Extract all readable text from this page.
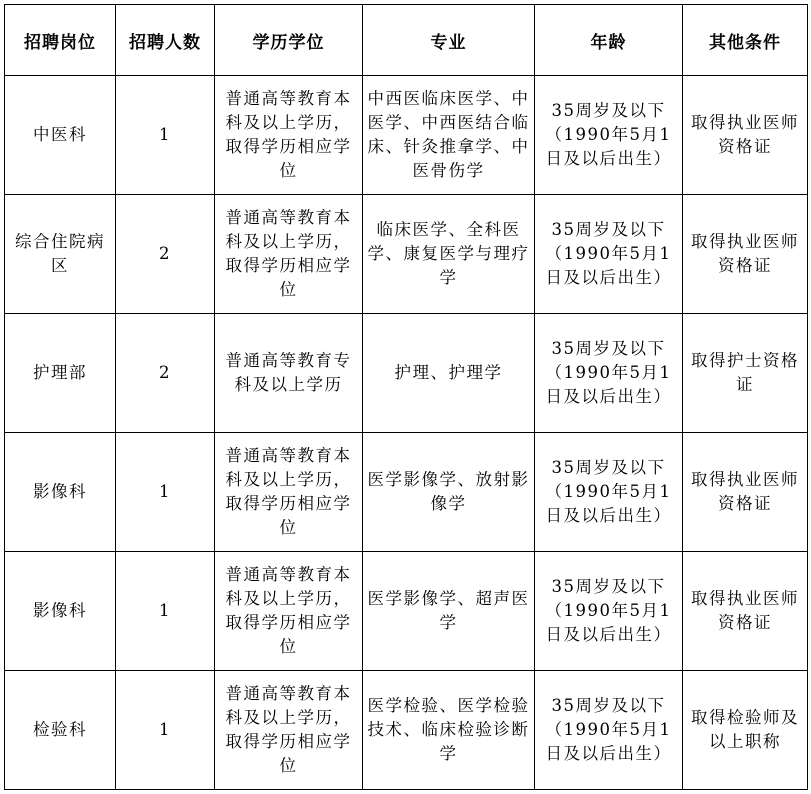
招聘岗位	招聘人数	学历学位	专业	年龄	其他条件
中医科	1	普通高等教育本科及以上学历，取得学历相应学位	中西医临床医学、中医学、中西医结合临床、针灸推拿学、中医骨伤学	35周岁及以下（1990年5月1日及以后出生）	取得执业医师资格证
综合住院病区	2	普通高等教育本科及以上学历，取得学历相应学位	临床医学、全科医学、康复医学与理疗学	35周岁及以下（1990年5月1日及以后出生）	取得执业医师资格证
护理部	2	普通高等教育专科及以上学历	护理、护理学	35周岁及以下（1990年5月1日及以后出生）	取得护士资格证
影像科	1	普通高等教育本科及以上学历，取得学历相应学位	医学影像学、放射影像学	35周岁及以下（1990年5月1日及以后出生）	取得执业医师资格证
影像科	1	普通高等教育本科及以上学历，取得学历相应学位	医学影像学、超声医学	35周岁及以下（1990年5月1日及以后出生）	取得执业医师资格证
检验科	1	普通高等教育本科及以上学历，取得学历相应学位	医学检验、医学检验技术、临床检验诊断学	35周岁及以下（1990年5月1日及以后出生）	取得检验师及以上职称
